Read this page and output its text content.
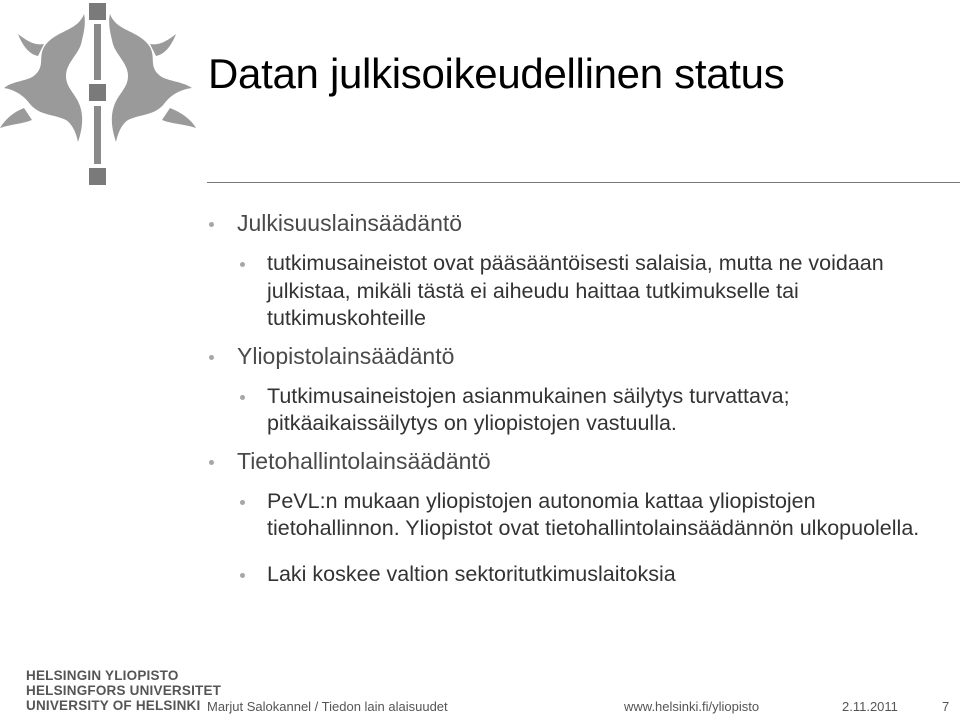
Datan julkisoikeudellinen status
Julkisuuslainsäädäntö
tutkimusaineistot ovat pääsääntöisesti salaisia, mutta ne voidaan julkistaa, mikäli tästä ei aiheudu haittaa tutkimukselle tai tutkimuskohteille
Yliopistolainsäädäntö
Tutkimusaineistojen asianmukainen säilytys turvattava; pitkäaikaissäilytys on yliopistojen vastuulla.
Tietohallintolainsäädäntö
PeVL:n mukaan yliopistojen autonomia kattaa yliopistojen tietohallinnon. Yliopistot ovat tietohallintolainsäädännön ulkopuolella.
Laki koskee valtion sektoritutkimuslaitoksia
HELSINGIN YLIOPISTO
HELSINGFORS UNIVERSITET
UNIVERSITY OF HELSINKI Marjut Salokannel / Tiedon lain alaisuudet	www.helsinki.fi/yliopisto	2.11.2011	7
